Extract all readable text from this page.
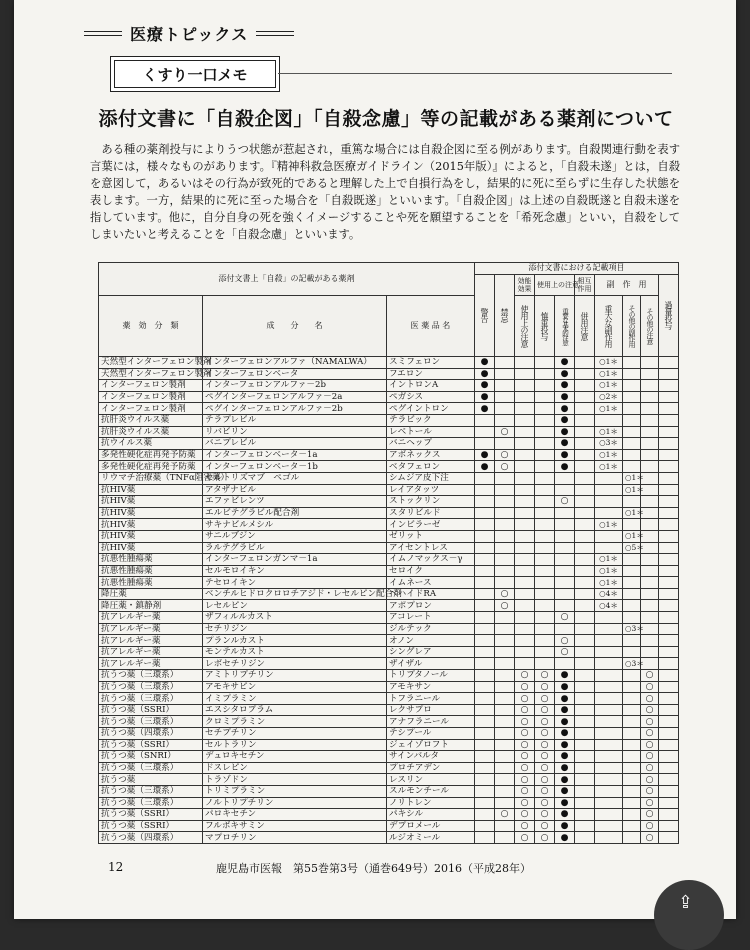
医療トピックス
くすり一口メモ
添付文書に「自殺企図」「自殺念慮」等の記載がある薬剤について

　ある種の薬剤投与によりうつ状態が惹起され，重篤な場合には自殺企図に至る例があります。自殺関連行動を表す言葉には，様々なものがあります。『精神科救急医療ガイドライン（2015年版）』によると，「自殺未遂」とは，自殺を意図して，あるいはその行為が致死的であると理解した上で自損行為をし，結果的に死に至らずに生存した状態を表します。一方，結果的に死に至った場合を「自殺既遂」といいます。「自殺企図」は上述の自殺既遂と自殺未遂を指しています。他に，自分自身の死を強くイメージすることや死を願望することを「希死念慮」といい，自殺をしてしまいたいと考えることを「自殺念慮」といいます。

添付文書上「自殺」の記載がある薬剤			添付文書における記載項目									

			警告	禁忌	効能効果	使用上の注意		相互作用	副　作　用			過量投与

薬　効　分　類	成　　分　　名	医 薬 品 名			使用上の注意	慎重投与	重要な基本的注意	併用注意	重大な副作用	その他の副作用	その他の注意	

天然型インターフェロン製剤	インターフェロンアルファ（NAMALWA）	スミフェロン	●				●		○1＊			
天然型インターフェロン製剤	インターフェロンベータ	フエロン	●				●		○1＊			
インターフェロン製剤	インターフェロンアルファ－2b	イントロンA	●				●		○1＊			
インターフェロン製剤	ペグインターフェロンアルファ－2a	ペガシス	●				●		○2＊			
インターフェロン製剤	ペグインターフェロンアルファ－2b	ペグイントロン	●				●		○1＊			
抗肝炎ウイルス薬	テラプレビル	テラビック					●					
抗肝炎ウイルス薬	リバビリン	レベトール		○			●		○1＊			
抗ウイルス薬	バニプレビル	バニヘップ					●		○3＊			
多発性硬化症再発予防薬	インターフェロンベータ－1a	アボネックス	●	○			●		○1＊			
多発性硬化症再発予防薬	インターフェロンベータ－1b	ベタフェロン	●	○			●		○1＊			
リウマチ治療薬（TNFα阻害薬）	セルトリズマブ　ペゴル	シムジア皮下注								○1＊		
抗HIV薬	アタザナビル	レイアタッツ								○1＊		
抗HIV薬	エファビレンツ	ストックリン					○					
抗HIV薬	エルビテグラビル配合剤	スタリビルド								○1＊		
抗HIV薬	サキナビルメシル	インビラーゼ							○1＊			
抗HIV薬	サニルブジン	ゼリット								○1＊		
抗HIV薬	ラルテグラビル	アイセントレス								○5＊		
抗悪性腫瘍薬	インターフェロンガンマ－1a	イムノマックス－γ							○1＊			
抗悪性腫瘍薬	セルモロイキン	セロイク							○1＊			
抗悪性腫瘍薬	テセロイキン	イムネース							○1＊			
降圧薬	ベンチルヒドロクロロチアジド・レセルピン配合剤	ベハイドRA		○					○4＊			
降圧薬・鎮静剤	レセルピン	アポプロン		○					○4＊			
抗アレルギー薬	ザフィルルカスト	アコレート					○					
抗アレルギー薬	セチリジン	ジルテック								○3＊		
抗アレルギー薬	プランルカスト	オノン					○					
抗アレルギー薬	モンテルカスト	シングレア					○					
抗アレルギー薬	レボセチリジン	ザイザル								○3＊		
抗うつ薬（三環系）	アミトリプチリン	トリプタノール			○	○	●				○	
抗うつ薬（三環系）	アモキサピン	アモキサン			○	○	●				○	
抗うつ薬（三環系）	イミプラミン	トフラニール			○	○	●				○	
抗うつ薬（SSRI）	エスシタロプラム	レクサプロ			○	○	●				○	
抗うつ薬（三環系）	クロミプラミン	アナフラニール			○	○	●				○	
抗うつ薬（四環系）	セチプチリン	テシプール			○	○	●				○	
抗うつ薬（SSRI）	セルトラリン	ジェイゾロフト			○	○	●				○	
抗うつ薬（SNRI）	デュロキセチン	サインバルタ			○	○	●				○	
抗うつ薬（三環系）	ドスレピン	プロチアデン			○	○	●				○	
抗うつ薬	トラゾドン	レスリン			○	○	●				○	
抗うつ薬（三環系）	トリミプラミン	スルモンチール			○	○	●				○	
抗うつ薬（三環系）	ノルトリプチリン	ノリトレン			○	○	●				○	
抗うつ薬（SSRI）	パロキセチン	パキシル		○	○	○	●				○	
抗うつ薬（SSRI）	フルボキサミン	デプロメール			○	○	●				○	
抗うつ薬（四環系）	マプロチリン	ルジオミール			○	○	●				○	
12	鹿児島市医報　第55巻第3号（通巻649号）2016（平成28年）
⇪
